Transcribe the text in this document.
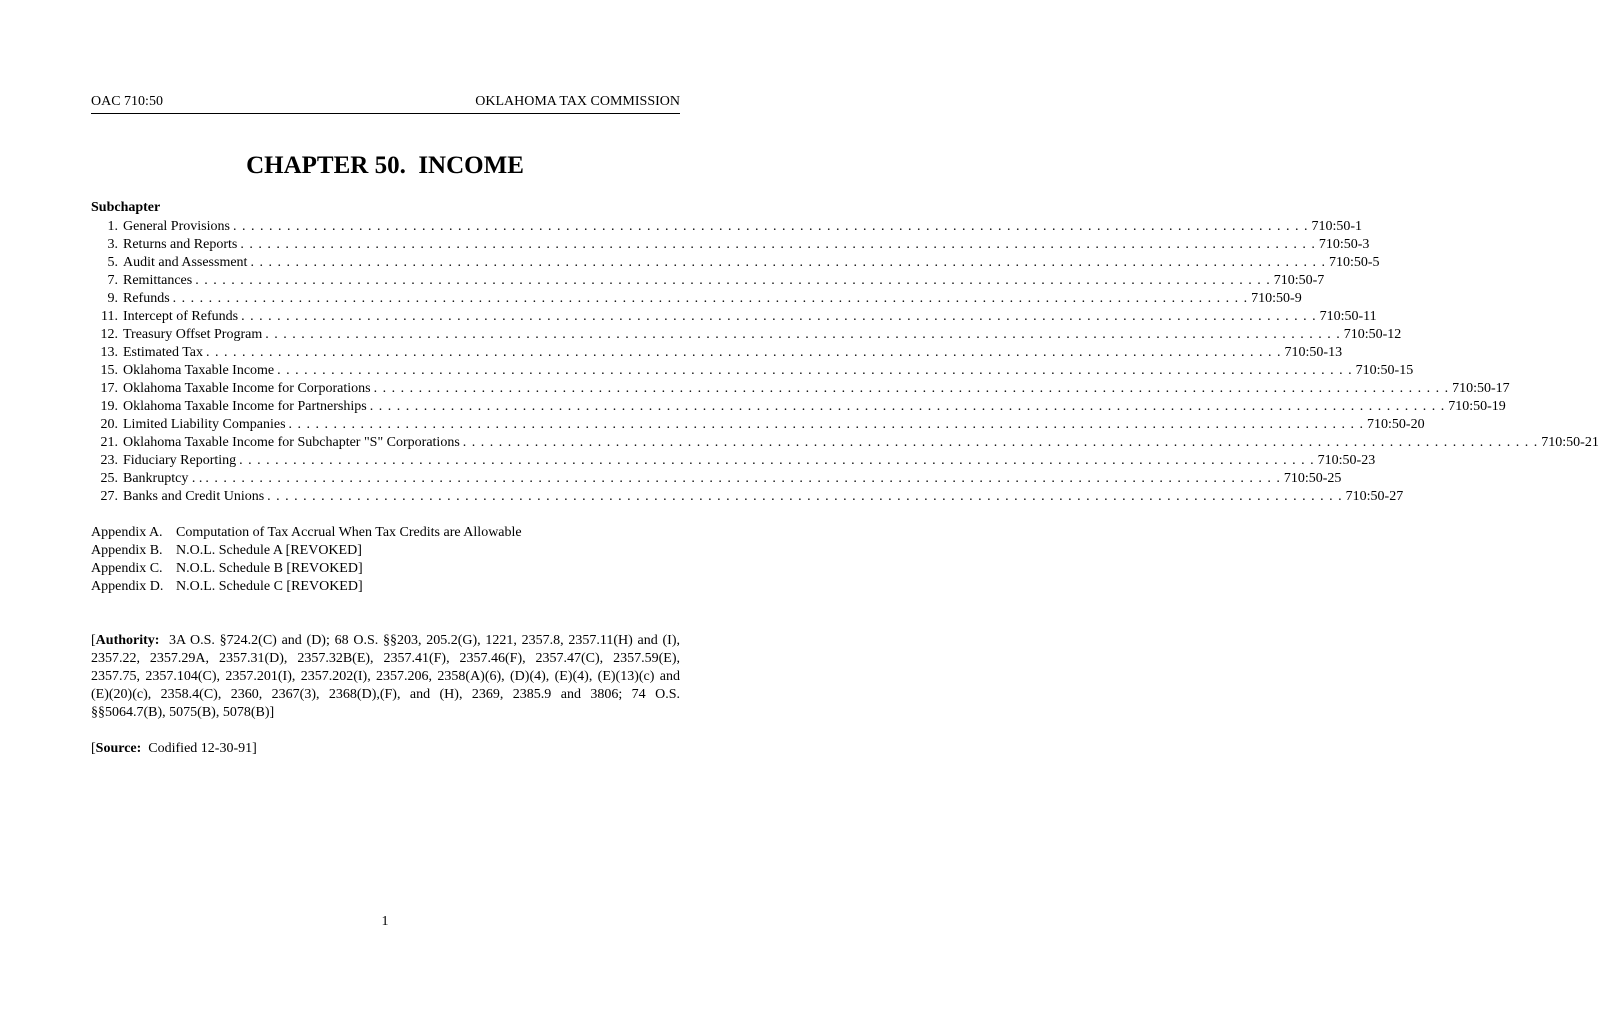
OAC 710:50	OKLAHOMA TAX COMMISSION
CHAPTER 50.  INCOME
Subchapter
1. General Provisions . . . . . . . . . . . . . . . . . . . . . . . . . . . . . . . . . . . . . . . . . . . . . . . . . . . . . . . . . . . . . . . . . . . . . . . . . . . . . . . . . . . . . . . . . . . . . . . . . . . . . . . . . . . . . . . . . . . . . . . . 710:50-1
3. Returns and Reports . . . . . . . . . . . . . . . . . . . . . . . . . . . . . . . . . . . . . . . . . . . . . . . . . . . . . . . . . . . . . . . . . . . . . . . . . . . . . . . . . . . . . . . . . . . . . . . . . . . . . . . . . . . . . . . . . . . . . . . . 710:50-3
5. Audit and Assessment . . . . . . . . . . . . . . . . . . . . . . . . . . . . . . . . . . . . . . . . . . . . . . . . . . . . . . . . . . . . . . . . . . . . . . . . . . . . . . . . . . . . . . . . . . . . . . . . . . . . . . . . . . . . . . . . . . . . . . . . 710:50-5
7. Remittances . . . . . . . . . . . . . . . . . . . . . . . . . . . . . . . . . . . . . . . . . . . . . . . . . . . . . . . . . . . . . . . . . . . . . . . . . . . . . . . . . . . . . . . . . . . . . . . . . . . . . . . . . . . . . . . . . . . . . . . . 710:50-7
9. Refunds . . . . . . . . . . . . . . . . . . . . . . . . . . . . . . . . . . . . . . . . . . . . . . . . . . . . . . . . . . . . . . . . . . . . . . . . . . . . . . . . . . . . . . . . . . . . . . . . . . . . . . . . . . . . . . . . . . . . . . . . 710:50-9
11. Intercept of Refunds . . . . . . . . . . . . . . . . . . . . . . . . . . . . . . . . . . . . . . . . . . . . . . . . . . . . . . . . . . . . . . . . . . . . . . . . . . . . . . . . . . . . . . . . . . . . . . . . . . . . . . . . . . . . . . . . . . . . . . . . 710:50-11
12. Treasury Offset Program . . . . . . . . . . . . . . . . . . . . . . . . . . . . . . . . . . . . . . . . . . . . . . . . . . . . . . . . . . . . . . . . . . . . . . . . . . . . . . . . . . . . . . . . . . . . . . . . . . . . . . . . . . . . . . . . . . . . . . . . 710:50-12
13. Estimated Tax . . . . . . . . . . . . . . . . . . . . . . . . . . . . . . . . . . . . . . . . . . . . . . . . . . . . . . . . . . . . . . . . . . . . . . . . . . . . . . . . . . . . . . . . . . . . . . . . . . . . . . . . . . . . . . . . . . . . . . . . 710:50-13
15. Oklahoma Taxable Income . . . . . . . . . . . . . . . . . . . . . . . . . . . . . . . . . . . . . . . . . . . . . . . . . . . . . . . . . . . . . . . . . . . . . . . . . . . . . . . . . . . . . . . . . . . . . . . . . . . . . . . . . . . . . . . . . . . . . . . . 710:50-15
17. Oklahoma Taxable Income for Corporations . . . . . . . . . . . . . . . . . . . . . . . . . . . . . . . . . . . . . . . . . . . . . . . . . . . . . . . . . . . . . . . . . . . . . . . . . . . . . . . . . . . . . . . . . . . . . . . . . . . . . . . . . . . . . . . . . . . . . . . . 710:50-17
19. Oklahoma Taxable Income for Partnerships . . . . . . . . . . . . . . . . . . . . . . . . . . . . . . . . . . . . . . . . . . . . . . . . . . . . . . . . . . . . . . . . . . . . . . . . . . . . . . . . . . . . . . . . . . . . . . . . . . . . . . . . . . . . . . . . . . . . . . . . 710:50-19
20. Limited Liability Companies . . . . . . . . . . . . . . . . . . . . . . . . . . . . . . . . . . . . . . . . . . . . . . . . . . . . . . . . . . . . . . . . . . . . . . . . . . . . . . . . . . . . . . . . . . . . . . . . . . . . . . . . . . . . . . . . . . . . . . . . 710:50-20
21. Oklahoma Taxable Income for Subchapter "S" Corporations . . . . . . . . . . . . . . . . . . . . . . . . . . . . . . . . . . . . . . . . . . . . . . . . . . . . . . . . . . . . . . . . . . . . . . . . . . . . . . . . . . . . . . . . . . . . . . . . . . . . . . . . . . . . . . . . . . . . . . . . 710:50-21
23. Fiduciary Reporting . . . . . . . . . . . . . . . . . . . . . . . . . . . . . . . . . . . . . . . . . . . . . . . . . . . . . . . . . . . . . . . . . . . . . . . . . . . . . . . . . . . . . . . . . . . . . . . . . . . . . . . . . . . . . . . . . . . . . . . . 710:50-23
25. Bankruptcy . . . . . . . . . . . . . . . . . . . . . . . . . . . . . . . . . . . . . . . . . . . . . . . . . . . . . . . . . . . . . . . . . . . . . . . . . . . . . . . . . . . . . . . . . . . . . . . . . . . . . . . . . . . . . . . . . . . . . . . . . . 710:50-25
27. Banks and Credit Unions . . . . . . . . . . . . . . . . . . . . . . . . . . . . . . . . . . . . . . . . . . . . . . . . . . . . . . . . . . . . . . . . . . . . . . . . . . . . . . . . . . . . . . . . . . . . . . . . . . . . . . . . . . . . . . . . . . . . . . . . 710:50-27
Appendix A. Computation of Tax Accrual When Tax Credits are Allowable
Appendix B. N.O.L. Schedule A [REVOKED]
Appendix C. N.O.L. Schedule B [REVOKED]
Appendix D. N.O.L. Schedule C [REVOKED]

[Authority:  3A O.S. §724.2(C) and (D); 68 O.S. §§203, 205.2(G), 1221, 2357.8, 2357.11(H) and (I), 2357.22, 2357.29A, 2357.31(D), 2357.32B(E), 2357.41(F), 2357.46(F), 2357.47(C), 2357.59(E), 2357.75, 2357.104(C), 2357.201(I), 2357.202(I), 2357.206, 2358(A)(6), (D)(4), (E)(4), (E)(13)(c) and (E)(20)(c), 2358.4(C), 2360, 2367(3), 2368(D),(F), and (H), 2369, 2385.9 and 3806; 74 O.S. §§5064.7(B), 5075(B), 5078(B)]

[Source:  Codified 12-30-91]

1
